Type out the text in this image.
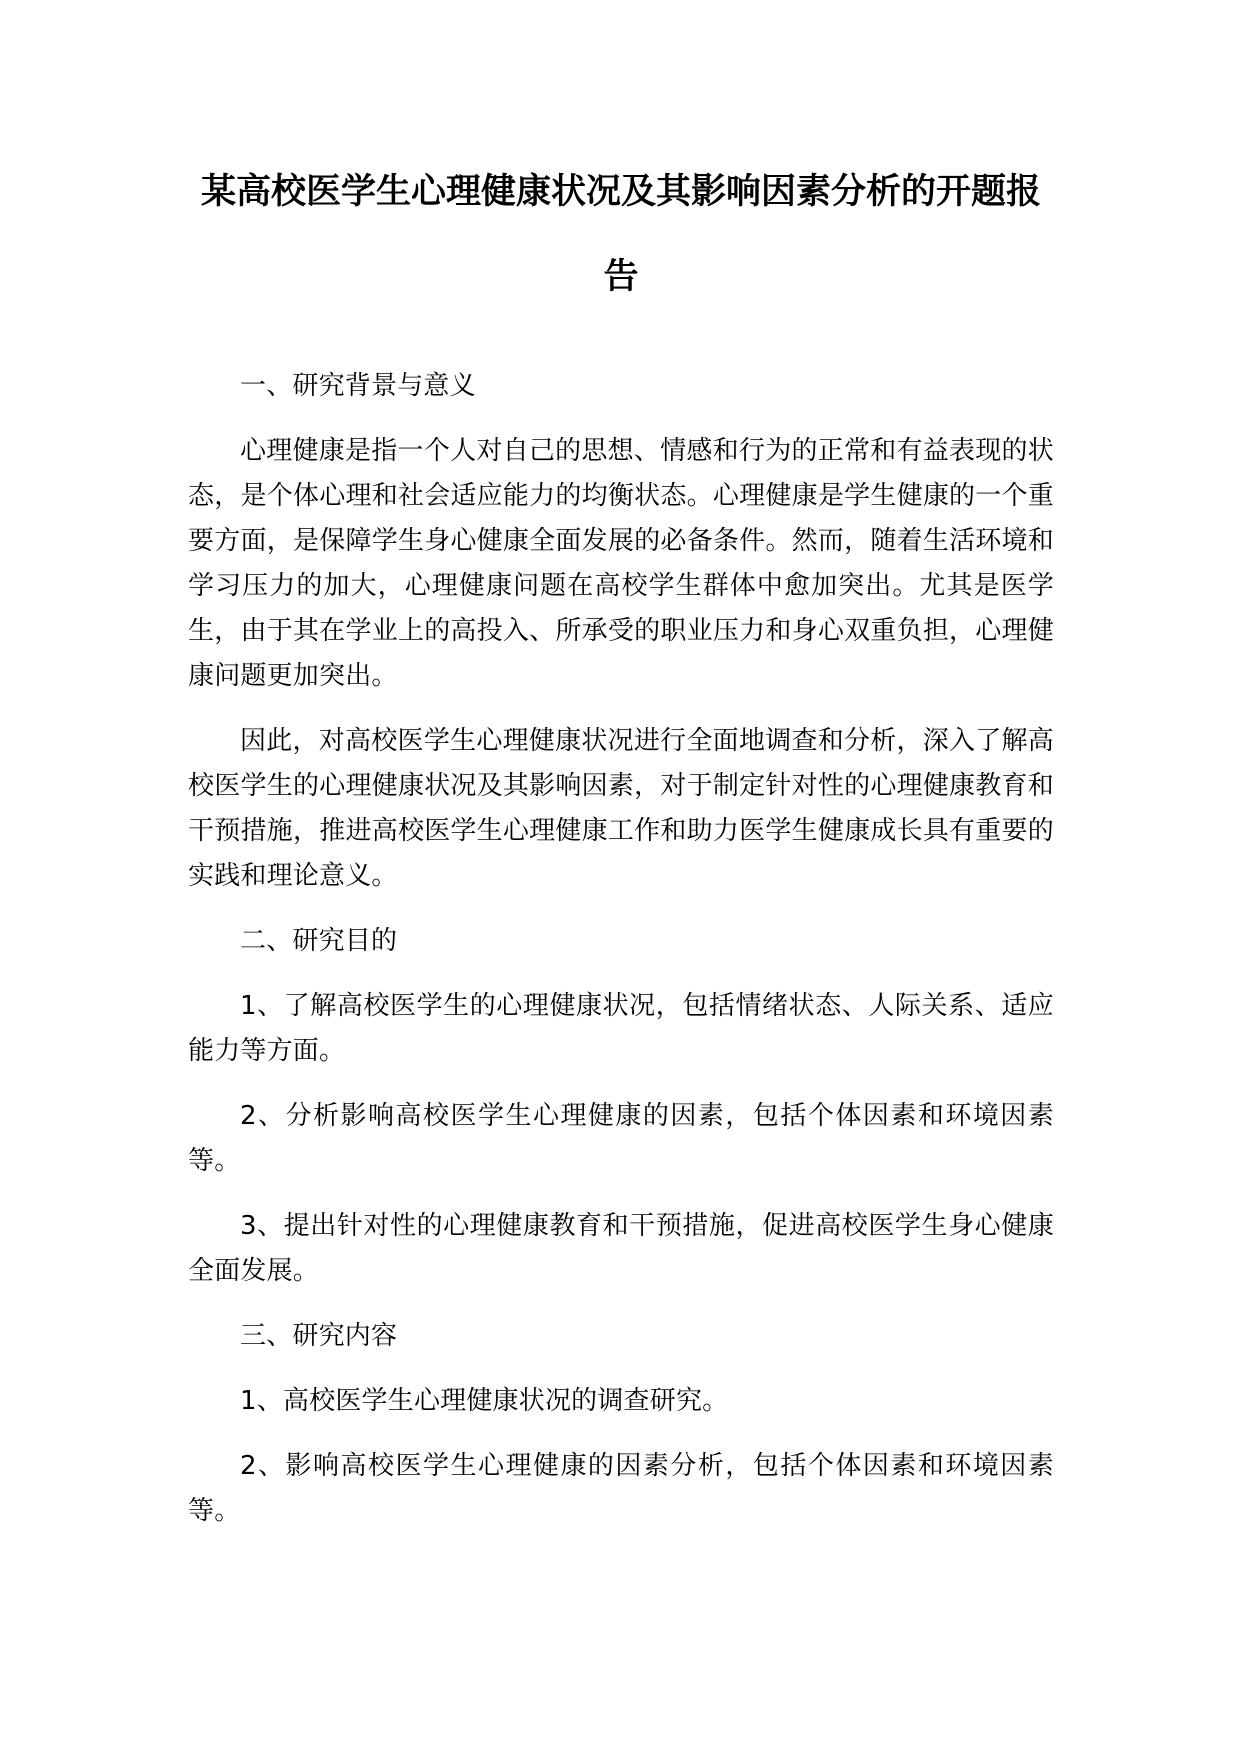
某高校医学生心理健康状况及其影响因素分析的开题报告

一、研究背景与意义

心理健康是指一个人对自己的思想、情感和行为的正常和有益表现的状态，是个体心理和社会适应能力的均衡状态。心理健康是学生健康的一个重要方面，是保障学生身心健康全面发展的必备条件。然而，随着生活环境和学习压力的加大，心理健康问题在高校学生群体中愈加突出。尤其是医学生，由于其在学业上的高投入、所承受的职业压力和身心双重负担，心理健康问题更加突出。

因此，对高校医学生心理健康状况进行全面地调查和分析，深入了解高校医学生的心理健康状况及其影响因素，对于制定针对性的心理健康教育和干预措施，推进高校医学生心理健康工作和助力医学生健康成长具有重要的实践和理论意义。

二、研究目的

1、了解高校医学生的心理健康状况，包括情绪状态、人际关系、适应能力等方面。

2、分析影响高校医学生心理健康的因素，包括个体因素和环境因素等。

3、提出针对性的心理健康教育和干预措施，促进高校医学生身心健康全面发展。

三、研究内容

1、高校医学生心理健康状况的调查研究。

2、影响高校医学生心理健康的因素分析，包括个体因素和环境因素等。
